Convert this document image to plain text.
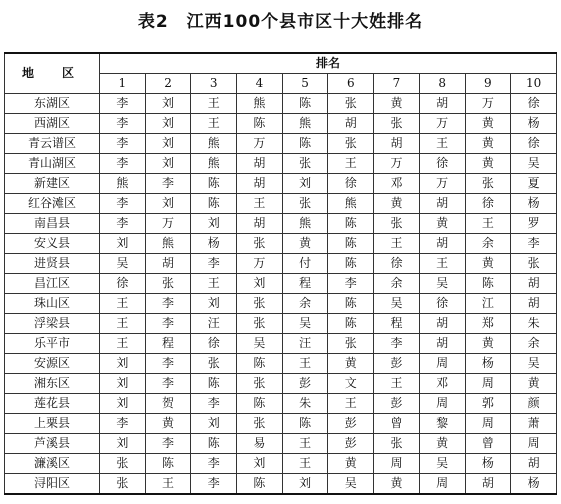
表2　江西100个县市区十大姓排名
地　区	排名									
	1	2	3	4	5	6	7	8	9	10
东湖区	李	刘	王	熊	陈	张	黄	胡	万	徐
西湖区	李	刘	王	陈	熊	胡	张	万	黄	杨
青云谱区	李	刘	熊	万	陈	张	胡	王	黄	徐
青山湖区	李	刘	熊	胡	张	王	万	徐	黄	吴
新建区	熊	李	陈	胡	刘	徐	邓	万	张	夏
红谷滩区	李	刘	陈	王	张	熊	黄	胡	徐	杨
南昌县	李	万	刘	胡	熊	陈	张	黄	王	罗
安义县	刘	熊	杨	张	黄	陈	王	胡	余	李
进贤县	吴	胡	李	万	付	陈	徐	王	黄	张
昌江区	徐	张	王	刘	程	李	余	吴	陈	胡
珠山区	王	李	刘	张	余	陈	吴	徐	江	胡
浮梁县	王	李	汪	张	吴	陈	程	胡	郑	朱
乐平市	王	程	徐	吴	汪	张	李	胡	黄	余
安源区	刘	李	张	陈	王	黄	彭	周	杨	吴
湘东区	刘	李	陈	张	彭	文	王	邓	周	黄
莲花县	刘	贺	李	陈	朱	王	彭	周	郭	颜
上栗县	李	黄	刘	张	陈	彭	曾	黎	周	萧
芦溪县	刘	李	陈	易	王	彭	张	黄	曾	周
濂溪区	张	陈	李	刘	王	黄	周	吴	杨	胡
浔阳区	张	王	李	陈	刘	吴	黄	周	胡	杨
